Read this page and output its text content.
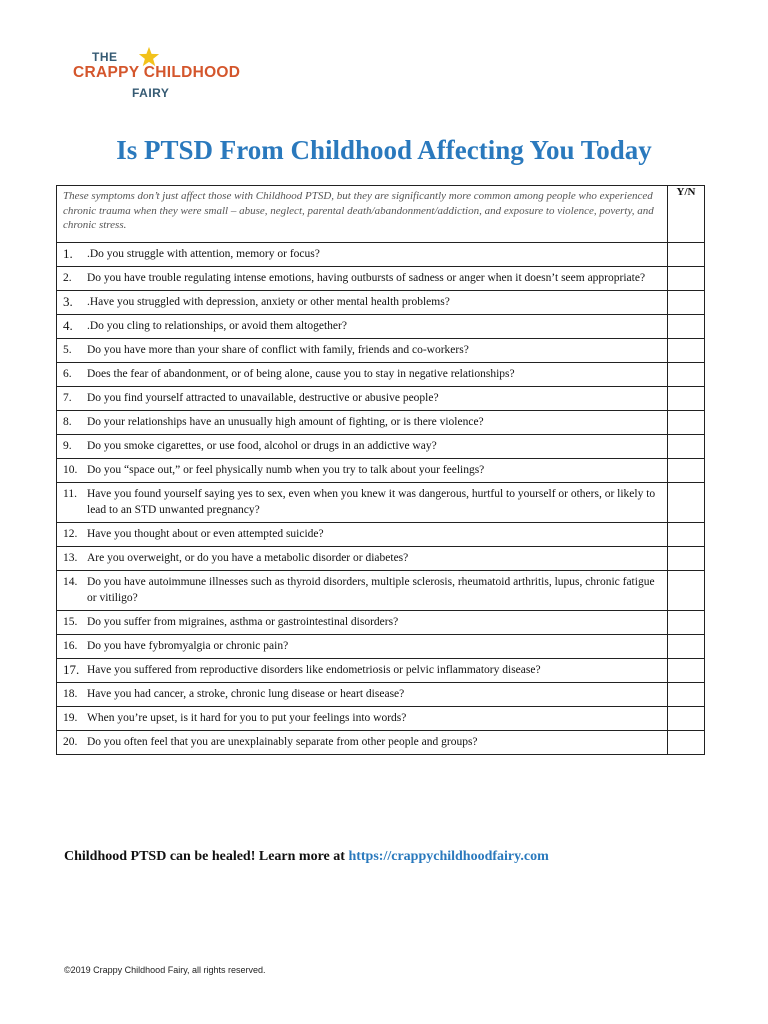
THE
CRAPPY CHILDHOOD
FAIRY
Is PTSD From Childhood Affecting You Today
These symptoms don’t just affect those with Childhood PTSD, but they are significantly more common among people who experienced chronic trauma when they were small – abuse, neglect, parental death/abandonment/addiction, and exposure to violence, poverty, and chronic stress.	Y/N

1. .Do you struggle with attention, memory or focus?	

2. Do you have trouble regulating intense emotions, having outbursts of sadness or anger when it doesn’t seem appropriate?	

3. .Have you struggled with depression, anxiety or other mental health problems?	

4. .Do you cling to relationships, or avoid them altogether?	

5. Do you have more than your share of conflict with family, friends and co-workers?	

6. Does the fear of abandonment, or of being alone, cause you to stay in negative relationships?	

7. Do you find yourself attracted to unavailable, destructive or abusive people?	

8. Do your relationships have an unusually high amount of fighting, or is there violence?	

9. Do you smoke cigarettes, or use food, alcohol or drugs in an addictive way?	

10. Do you “space out,” or feel physically numb when you try to talk about your feelings?	

11. Have you found yourself saying yes to sex, even when you knew it was dangerous, hurtful to yourself or others, or likely to lead to an STD unwanted pregnancy?	

12. Have you thought about or even attempted suicide?	

13. Are you overweight, or do you have a metabolic disorder or diabetes?	

14. Do you have autoimmune illnesses such as thyroid disorders, multiple sclerosis, rheumatoid arthritis, lupus, chronic fatigue or vitiligo?	

15. Do you suffer from migraines, asthma or gastrointestinal disorders?	

16. Do you have fybromyalgia or chronic pain?	

17. Have you suffered from reproductive disorders like endometriosis or pelvic inflammatory disease?	

18. Have you had cancer, a stroke, chronic lung disease or heart disease?	

19. When you’re upset, is it hard for you to put your feelings into words?	

20. Do you often feel that you are unexplainably separate from other people and groups?	

Childhood PTSD can be healed! Learn more at https://crappychildhoodfairy.com
©2019 Crappy Childhood Fairy, all rights reserved.
